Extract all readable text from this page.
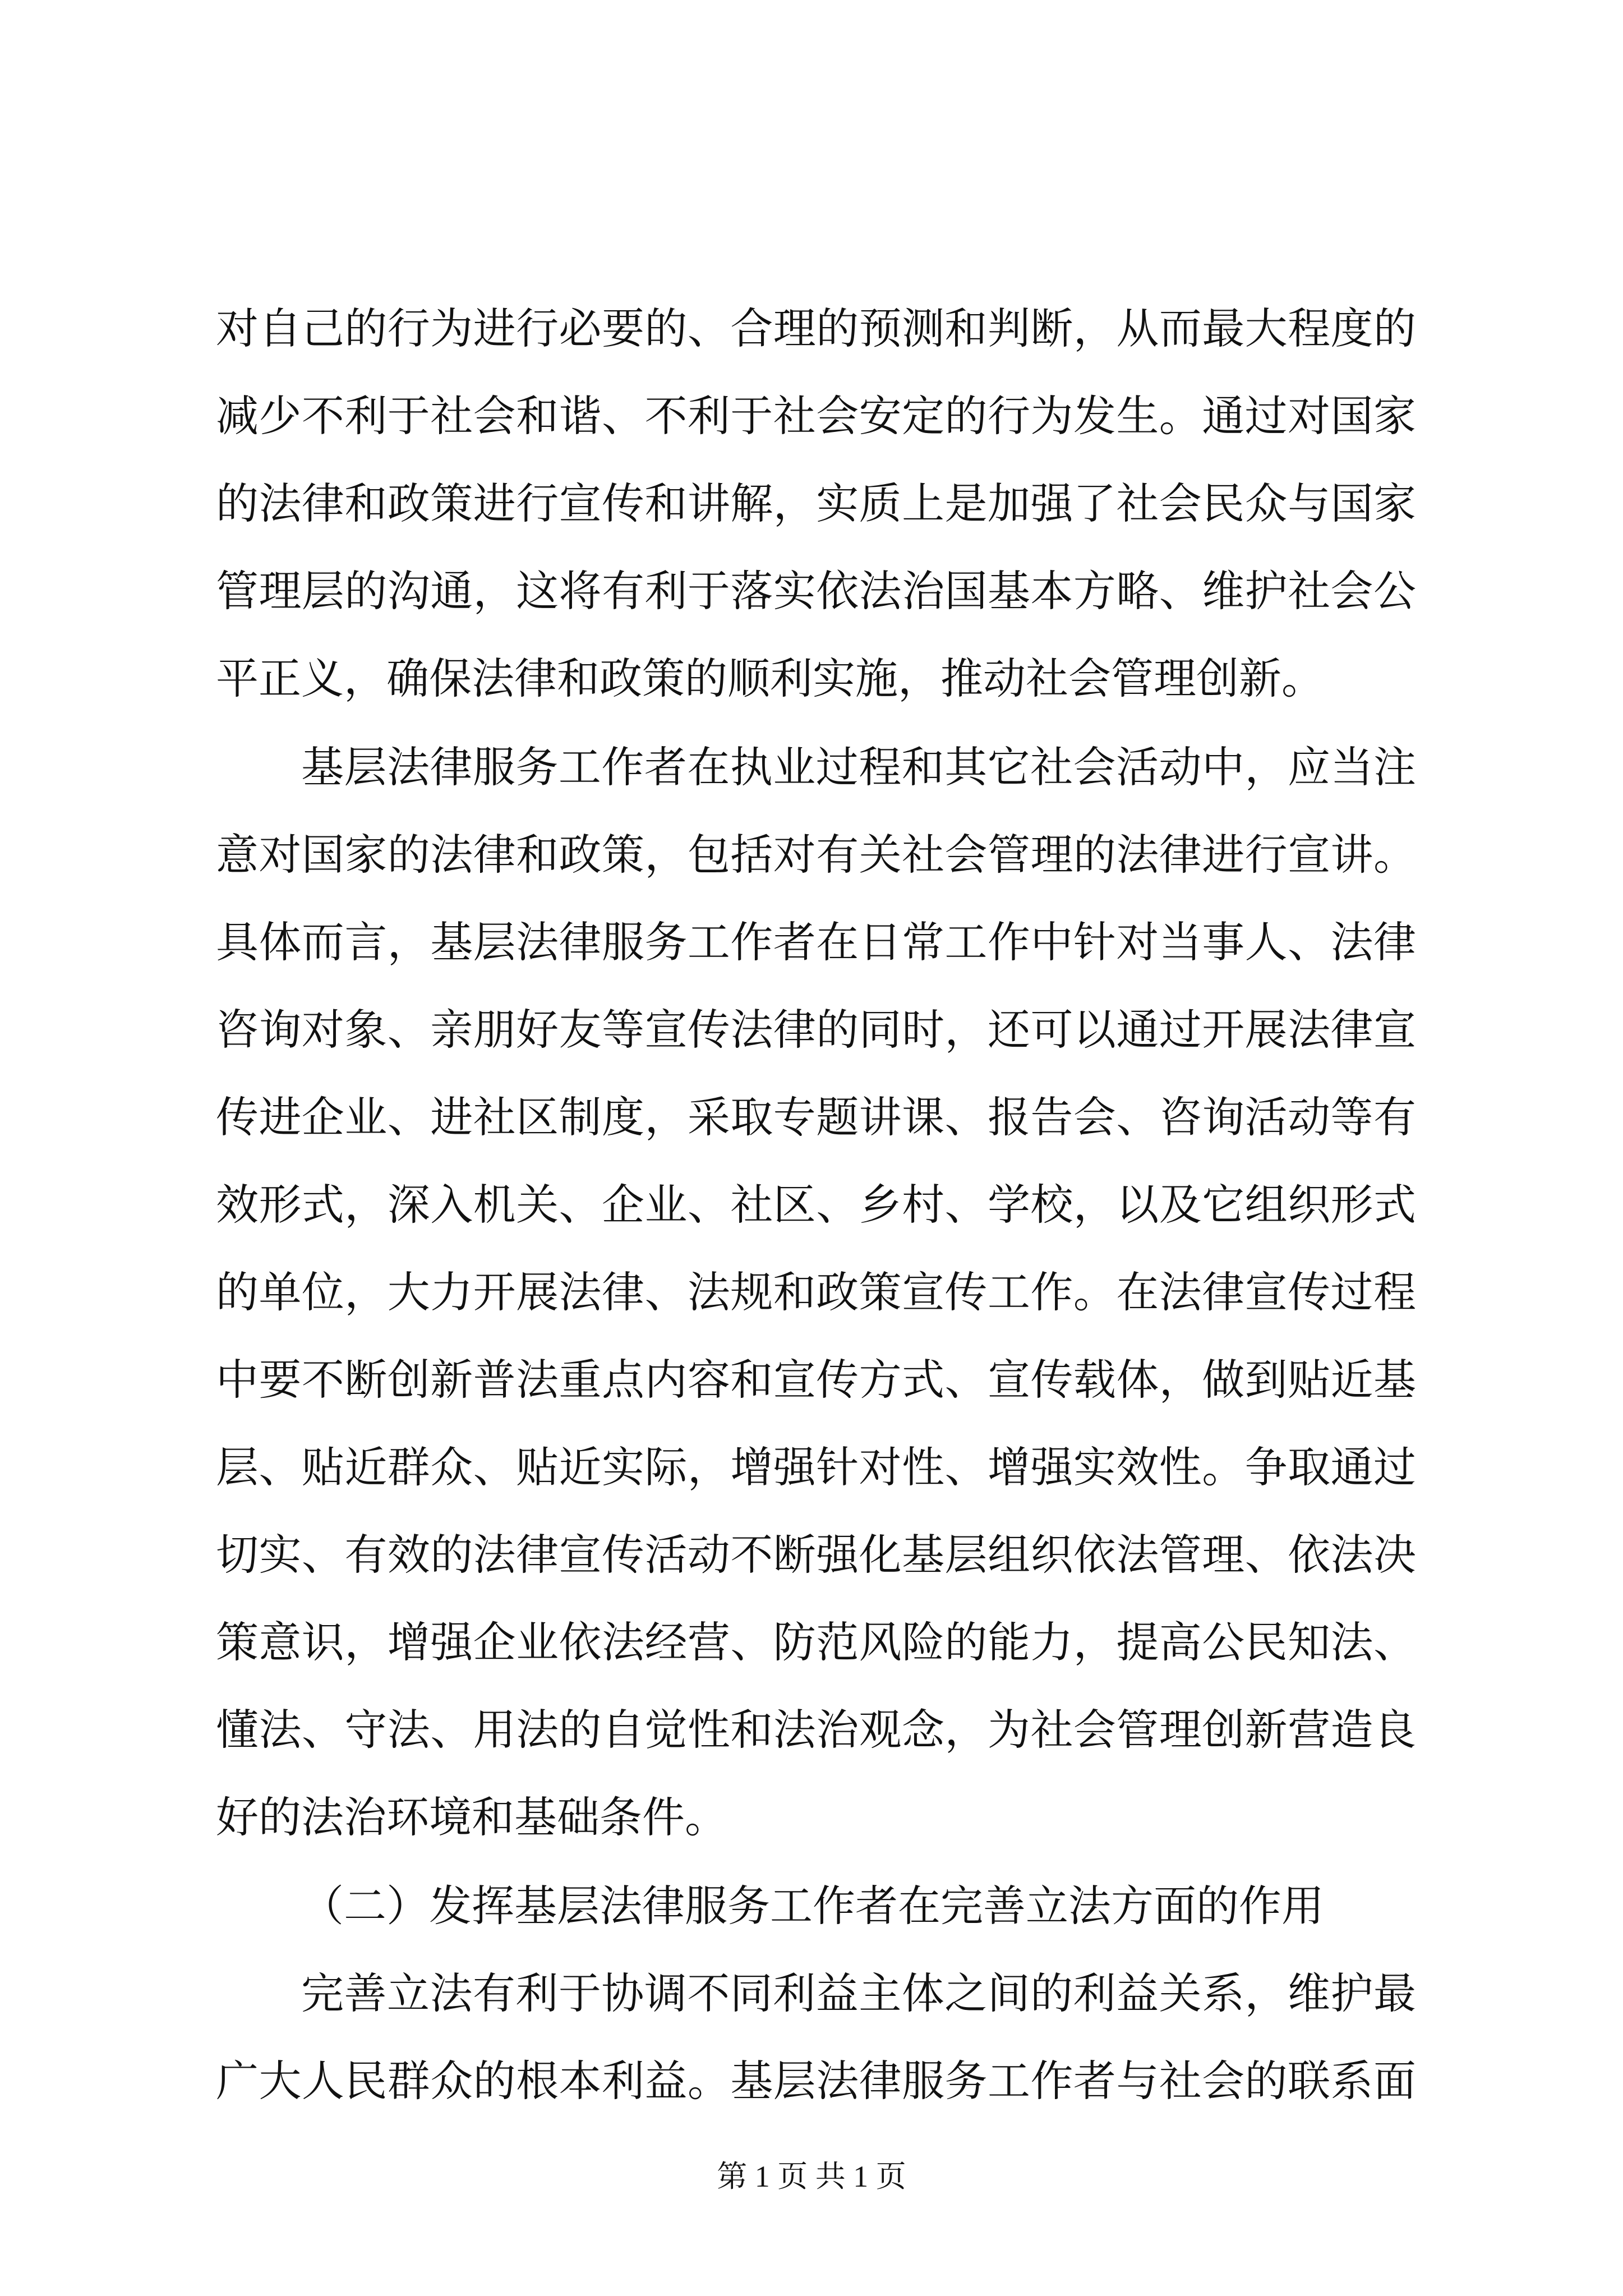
对自己的行为进行必要的、合理的预测和判断，从而最大程度的

减少不利于社会和谐、不利于社会安定的行为发生。通过对国家

的法律和政策进行宣传和讲解，实质上是加强了社会民众与国家

管理层的沟通，这将有利于落实依法治国基本方略、维护社会公

平正义，确保法律和政策的顺利实施，推动社会管理创新。

基层法律服务工作者在执业过程和其它社会活动中，应当注

意对国家的法律和政策，包括对有关社会管理的法律进行宣讲。

具体而言，基层法律服务工作者在日常工作中针对当事人、法律

咨询对象、亲朋好友等宣传法律的同时，还可以通过开展法律宣

传进企业、进社区制度，采取专题讲课、报告会、咨询活动等有

效形式，深入机关、企业、社区、乡村、学校，以及它组织形式

的单位，大力开展法律、法规和政策宣传工作。在法律宣传过程

中要不断创新普法重点内容和宣传方式、宣传载体，做到贴近基

层、贴近群众、贴近实际，增强针对性、增强实效性。争取通过

切实、有效的法律宣传活动不断强化基层组织依法管理、依法决

策意识，增强企业依法经营、防范风险的能力，提高公民知法、

懂法、守法、用法的自觉性和法治观念，为社会管理创新营造良

好的法治环境和基础条件。

（二）发挥基层法律服务工作者在完善立法方面的作用

完善立法有利于协调不同利益主体之间的利益关系，维护最

广大人民群众的根本利益。基层法律服务工作者与社会的联系面

第 1 页 共 1 页
